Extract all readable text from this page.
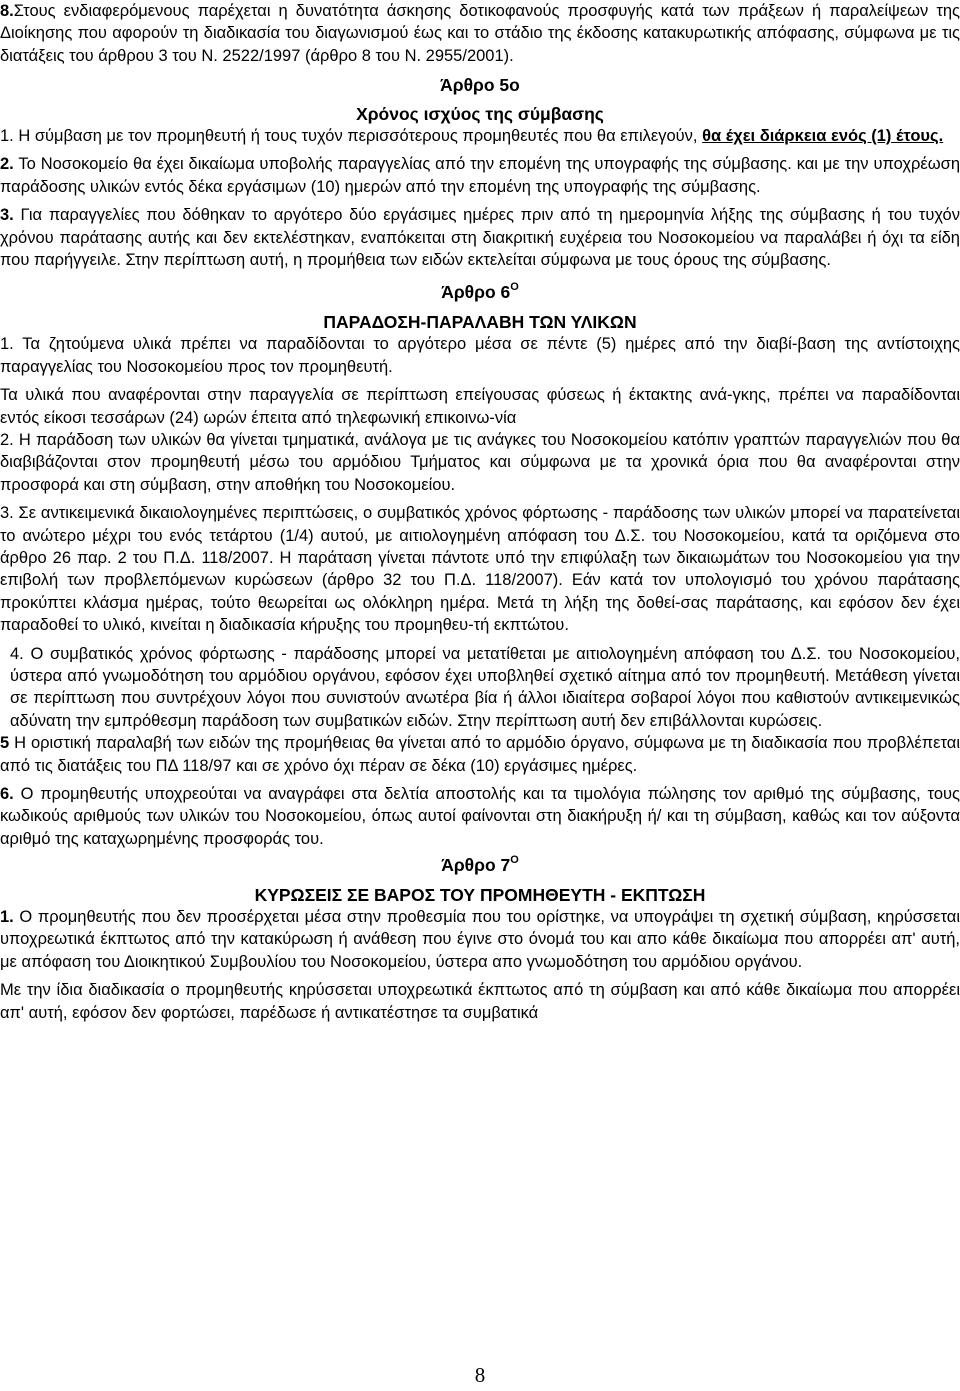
8.Στους ενδιαφερόμενους παρέχεται η δυνατότητα άσκησης δοτικοφανούς προσφυγής κατά των πράξεων ή παραλείψεων της Διοίκησης που αφορούν τη διαδικασία του διαγωνισμού έως και το στάδιο της έκδοσης κατακυρωτικής απόφασης, σύμφωνα με τις διατάξεις του άρθρου 3 του Ν. 2522/1997 (άρθρο 8 του Ν. 2955/2001).

Άρθρο 5ο

Χρόνος ισχύος της σύμβασης

1. Η σύμβαση με τον προμηθευτή ή τους τυχόν περισσότερους προμηθευτές που θα επιλεγούν, θα έχει διάρκεια ενός (1) έτους.

2. Το Νοσοκομείο θα έχει δικαίωμα υποβολής παραγγελίας από την επομένη της υπογραφής της σύμβασης. και με την υποχρέωση παράδοσης υλικών εντός δέκα εργάσιμων (10) ημερών από την επομένη της υπογραφής της σύμβασης.

3. Για παραγγελίες που δόθηκαν το αργότερο δύο εργάσιμες ημέρες πριν από τη ημερομηνία λήξης της σύμβασης ή του τυχόν χρόνου παράτασης αυτής και δεν εκτελέστηκαν, εναπόκειται στη διακριτική ευχέρεια του Νοσοκομείου να παραλάβει ή όχι τα είδη που παρήγγειλε. Στην περίπτωση αυτή, η προμήθεια των ειδών εκτελείται σύμφωνα με τους όρους της σύμβασης.

Άρθρο $6^O$

ΠΑΡΑΔΟΣΗ-ΠΑΡΑΛΑΒΗ ΤΩΝ ΥΛΙΚΩΝ

1. Τα ζητούμενα υλικά πρέπει να παραδίδονται το αργότερο μέσα σε πέντε (5) ημέρες από την διαβί-βαση της αντίστοιχης παραγγελίας του Νοσοκομείου προς τον προμηθευτή.

Τα υλικά που αναφέρονται στην παραγγελία σε περίπτωση επείγουσας φύσεως ή έκτακτης ανά-γκης, πρέπει να παραδίδονται εντός είκοσι τεσσάρων (24) ωρών έπειτα από τηλεφωνική επικοινω-νία

2. Η παράδοση των υλικών θα γίνεται τμηματικά, ανάλογα με τις ανάγκες του Νοσοκομείου κατόπιν γραπτών παραγγελιών που θα διαβιβάζονται στον προμηθευτή μέσω του αρμόδιου Τμήματος και σύμφωνα με τα χρονικά όρια που θα αναφέρονται στην προσφορά και στη σύμβαση, στην αποθήκη του Νοσοκομείου.

3. Σε αντικειμενικά δικαιολογημένες περιπτώσεις, ο συμβατικός χρόνος φόρτωσης - παράδοσης των υλικών μπορεί να παρατείνεται το ανώτερο μέχρι του ενός τετάρτου (1/4) αυτού, με αιτιολογημένη απόφαση του Δ.Σ. του Νοσοκομείου, κατά τα οριζόμενα στο άρθρο 26 παρ. 2 του Π.Δ. 118/2007. Η παράταση γίνεται πάντοτε υπό την επιφύλαξη των δικαιωμάτων του Νοσοκομείου για την επιβολή των προβλεπόμενων κυρώσεων (άρθρο 32 του Π.Δ. 118/2007). Εάν κατά τον υπολογισμό του χρόνου παράτασης προκύπτει κλάσμα ημέρας, τούτο θεωρείται ως ολόκληρη ημέρα. Μετά τη λήξη της δοθεί-σας παράτασης, και εφόσον δεν έχει παραδοθεί το υλικό, κινείται η διαδικασία κήρυξης του προμηθευ-τή εκπτώτου.

4. Ο συμβατικός χρόνος φόρτωσης - παράδοσης μπορεί να μετατίθεται με αιτιολογημένη απόφαση του Δ.Σ. του Νοσοκομείου, ύστερα από γνωμοδότηση του αρμόδιου οργάνου, εφόσον έχει υποβληθεί σχετικό αίτημα από τον προμηθευτή. Μετάθεση γίνεται σε περίπτωση που συντρέχουν λόγοι που συνιστούν ανωτέρα βία ή άλλοι ιδιαίτερα σοβαροί λόγοι που καθιστούν αντικειμενικώς αδύνατη την εμπρόθεσμη παράδοση των συμβατικών ειδών. Στην περίπτωση αυτή δεν επιβάλλονται κυρώσεις.

5 Η οριστική παραλαβή των ειδών της προμήθειας θα γίνεται από το αρμόδιο όργανο, σύμφωνα με τη διαδικασία που προβλέπεται από τις διατάξεις του ΠΔ 118/97 και σε χρόνο όχι πέραν σε δέκα (10) εργάσιμες ημέρες.

6. Ο προμηθευτής υποχρεούται να αναγράφει στα δελτία αποστολής και τα τιμολόγια πώλησης τον αριθμό της σύμβασης, τους κωδικούς αριθμούς των υλικών του Νοσοκομείου, όπως αυτοί φαίνονται στη διακήρυξη ή/ και τη σύμβαση, καθώς και τον αύξοντα αριθμό της καταχωρημένης προσφοράς του.

Άρθρο $7^O$

ΚΥΡΩΣΕΙΣ ΣΕ ΒΑΡΟΣ ΤΟΥ ΠΡΟΜΗΘΕΥΤΗ - ΕΚΠΤΩΣΗ

1. Ο προμηθευτής που δεν προσέρχεται μέσα στην προθεσμία που του ορίστηκε, να υπογράψει τη σχετική σύμβαση, κηρύσσεται υποχρεωτικά έκπτωτος από την κατακύρωση ή ανάθεση που έγινε στο όνομά του και απο κάθε δικαίωμα που απορρέει απ' αυτή, με απόφαση του Διοικητικού Συμβουλίου του Νοσοκομείου, ύστερα απο γνωμοδότηση του αρμόδιου οργάνου.

Με την ίδια διαδικασία ο προμηθευτής κηρύσσεται υποχρεωτικά έκπτωτος από τη σύμβαση και από κάθε δικαίωμα που απορρέει απ' αυτή, εφόσον δεν φορτώσει, παρέδωσε ή αντικατέστησε τα συμβατικά

8
